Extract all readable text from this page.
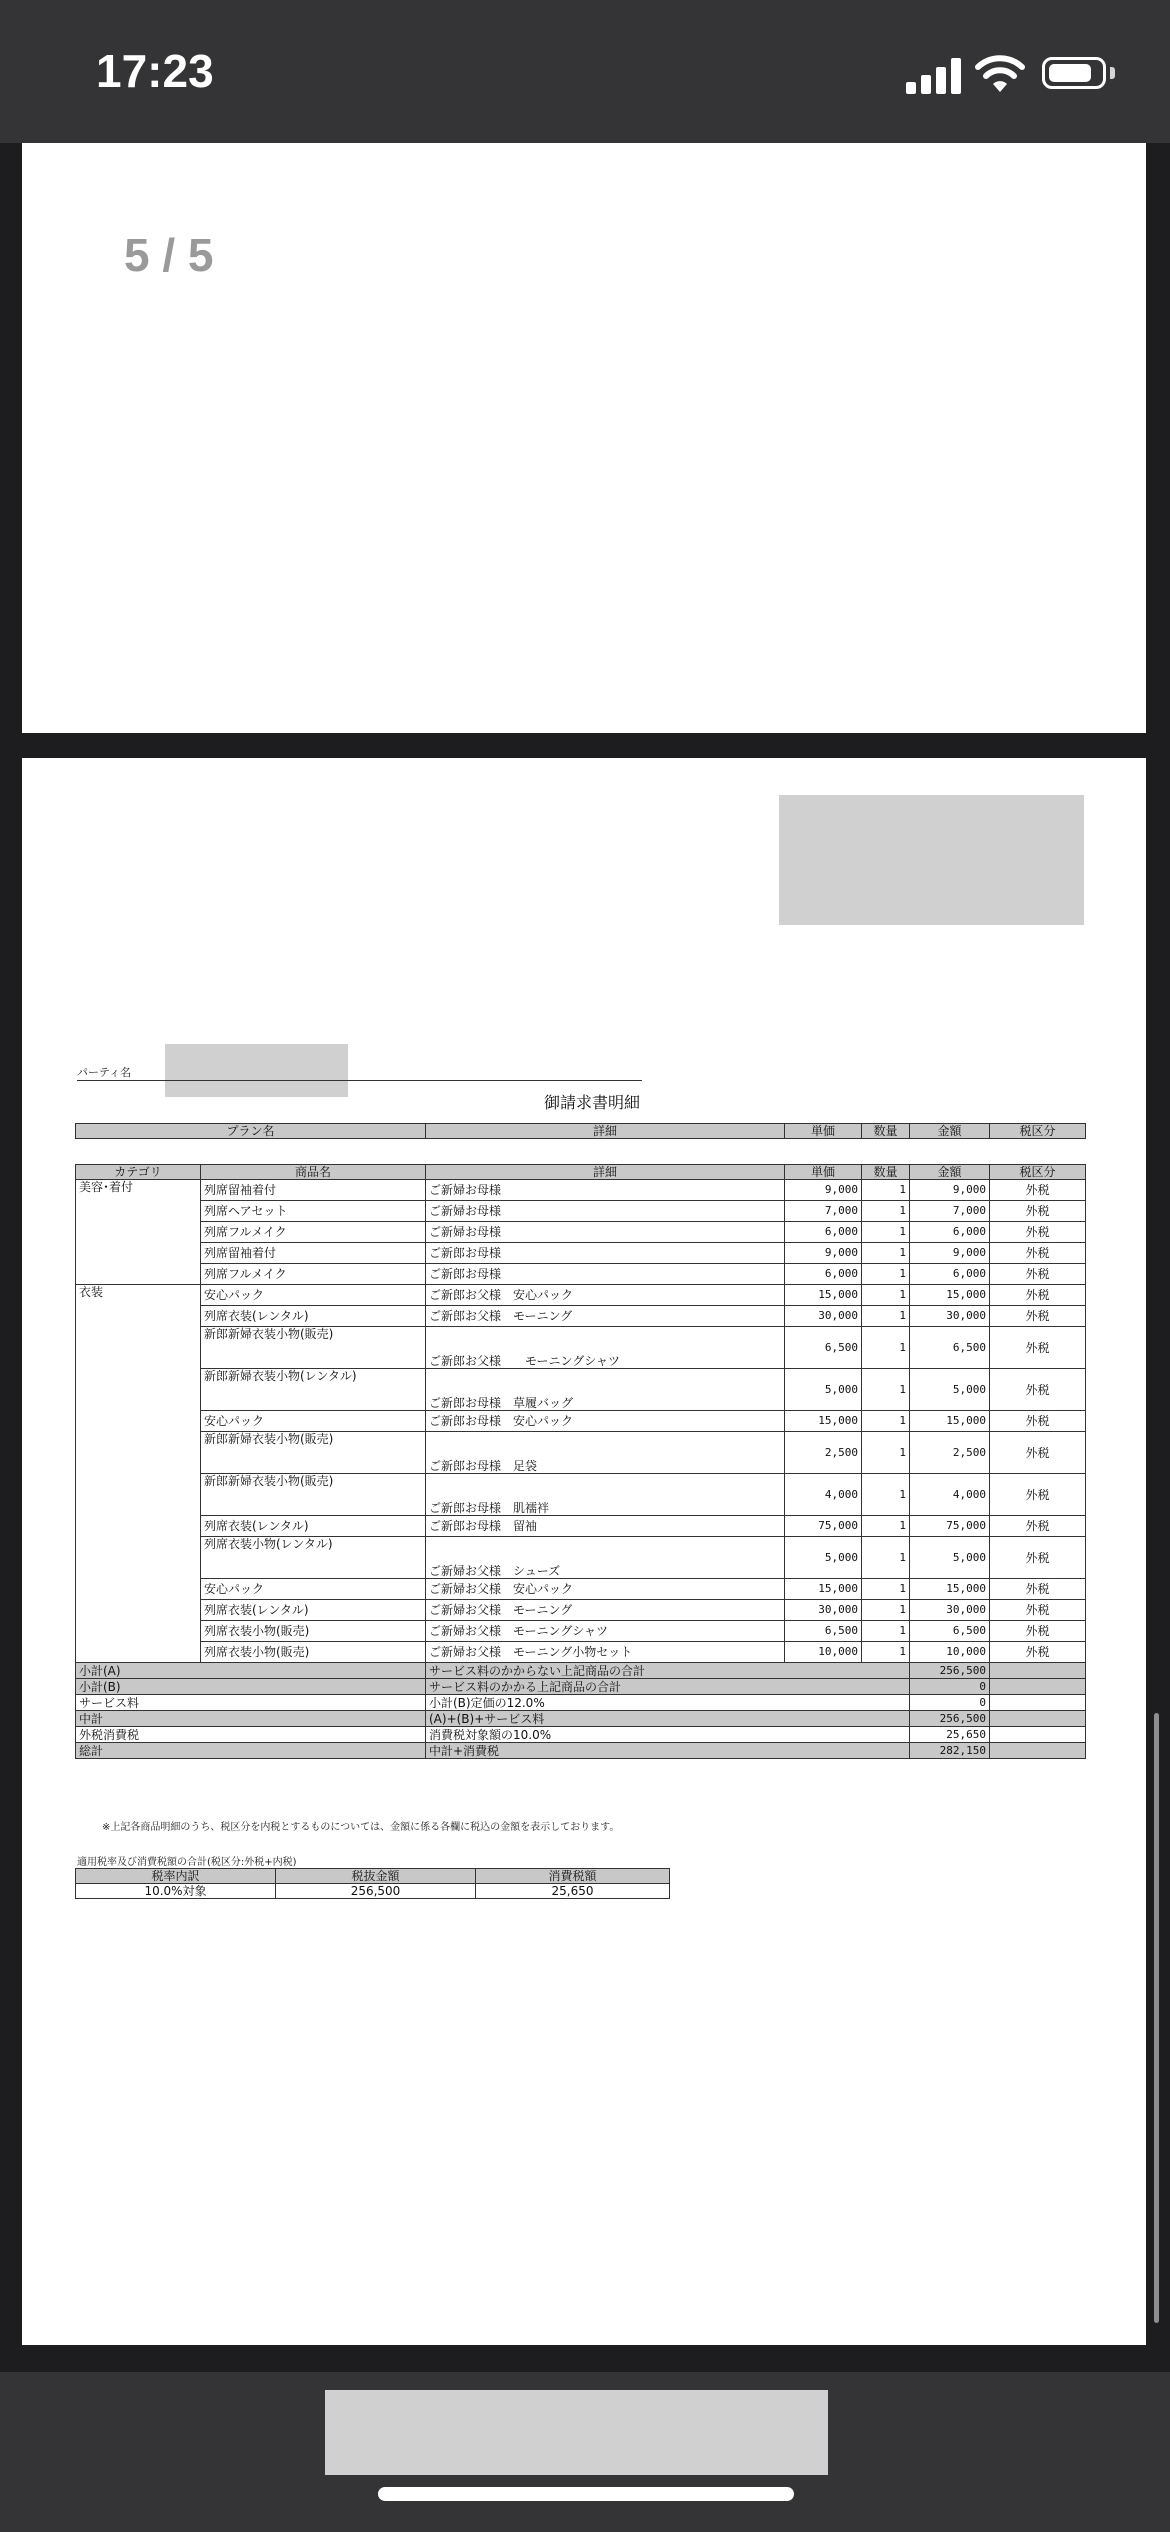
17:23
5 / 5
パーティ名
御請求書明細
プラン名	詳細	単価	数量	金額	税区分
カテゴリ	商品名	詳細	単価	数量	金額	税区分
美容･着付	列席留袖着付	ご新婦お母様	9,000	1	9,000	外税
	列席ヘアセット	ご新婦お母様	7,000	1	7,000	外税
	列席フルメイク	ご新婦お母様	6,000	1	6,000	外税
	列席留袖着付	ご新郎お母様	9,000	1	9,000	外税
	列席フルメイク	ご新郎お母様	6,000	1	6,000	外税
衣装	安心パック	ご新郎お父様　安心パック	15,000	1	15,000	外税
	列席衣装(レンタル)	ご新郎お父様　モーニング	30,000	1	30,000	外税
	新郎新婦衣装小物(販売)	ご新郎お父様　　モーニングシャツ	6,500	1	6,500	外税
	新郎新婦衣装小物(レンタル)	ご新郎お母様　草履バッグ	5,000	1	5,000	外税
	安心パック	ご新郎お母様　安心パック	15,000	1	15,000	外税
	新郎新婦衣装小物(販売)	ご新郎お母様　足袋	2,500	1	2,500	外税
	新郎新婦衣装小物(販売)	ご新郎お母様　肌襦袢	4,000	1	4,000	外税
	列席衣装(レンタル)	ご新郎お母様　留袖	75,000	1	75,000	外税
	列席衣装小物(レンタル)	ご新婦お父様　シューズ	5,000	1	5,000	外税
	安心パック	ご新婦お父様　安心パック	15,000	1	15,000	外税
	列席衣装(レンタル)	ご新婦お父様　モーニング	30,000	1	30,000	外税
	列席衣装小物(販売)	ご新婦お父様　モーニングシャツ	6,500	1	6,500	外税
	列席衣装小物(販売)	ご新婦お父様　モーニング小物セット	10,000	1	10,000	外税
小計(A)		サービス料のかからない上記商品の合計			256,500	
小計(B)		サービス料のかかる上記商品の合計			0	
サービス料		小計(B)定価の12.0%			0	
中計		(A)+(B)+サービス料			256,500	
外税消費税		消費税対象額の10.0%			25,650	
総計		中計+消費税			282,150	
※上記各商品明細のうち、税区分を内税とするものについては、金額に係る各欄に税込の金額を表示しております。
適用税率及び消費税額の合計(税区分:外税+内税)
税率内訳	税抜金額	消費税額
10.0%対象	256,500	25,650
